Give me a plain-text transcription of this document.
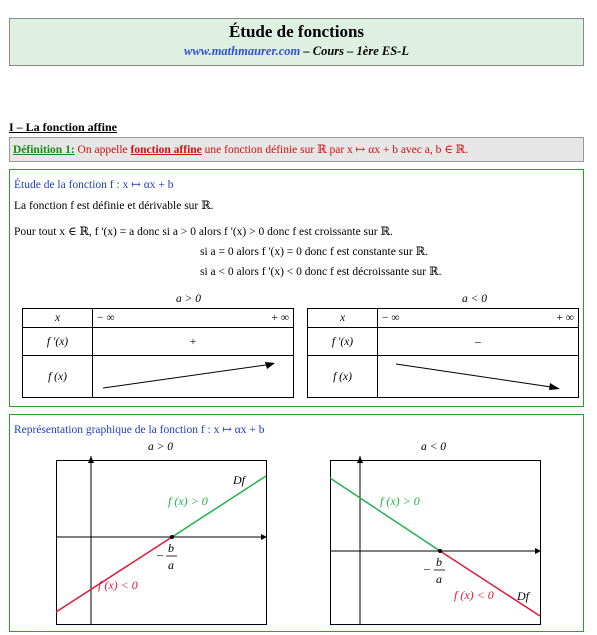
Étude de fonctions
www.mathmaurer.com – Cours – 1ère ES-L
I – La fonction affine
Définition 1: On appelle fonction affine une fonction définie sur ℝ par x ↦ αx + b avec a, b ∈ ℝ.
Étude de la fonction f : x ↦ αx + b
La fonction f est définie et dérivable sur ℝ.
Pour tout x ∈ ℝ, f '(x) = a donc si a > 0 alors f '(x) > 0 donc f est croissante sur ℝ.
si a = 0 alors f '(x) = 0 donc f est constante sur ℝ.
si a < 0 alors f '(x) < 0 donc f est décroissante sur ℝ.
a > 0	a < 0
x	− ∞ + ∞

f '(x)	+
f (x)	
x	− ∞ + ∞

f '(x)	–
f (x)	
Représentation graphique de la fonction f : x ↦ αx + b
a > 0	a < 0
Df
f (x) > 0
f (x) < 0
– b
a
Df
f (x) > 0
f (x) < 0
– b
a
